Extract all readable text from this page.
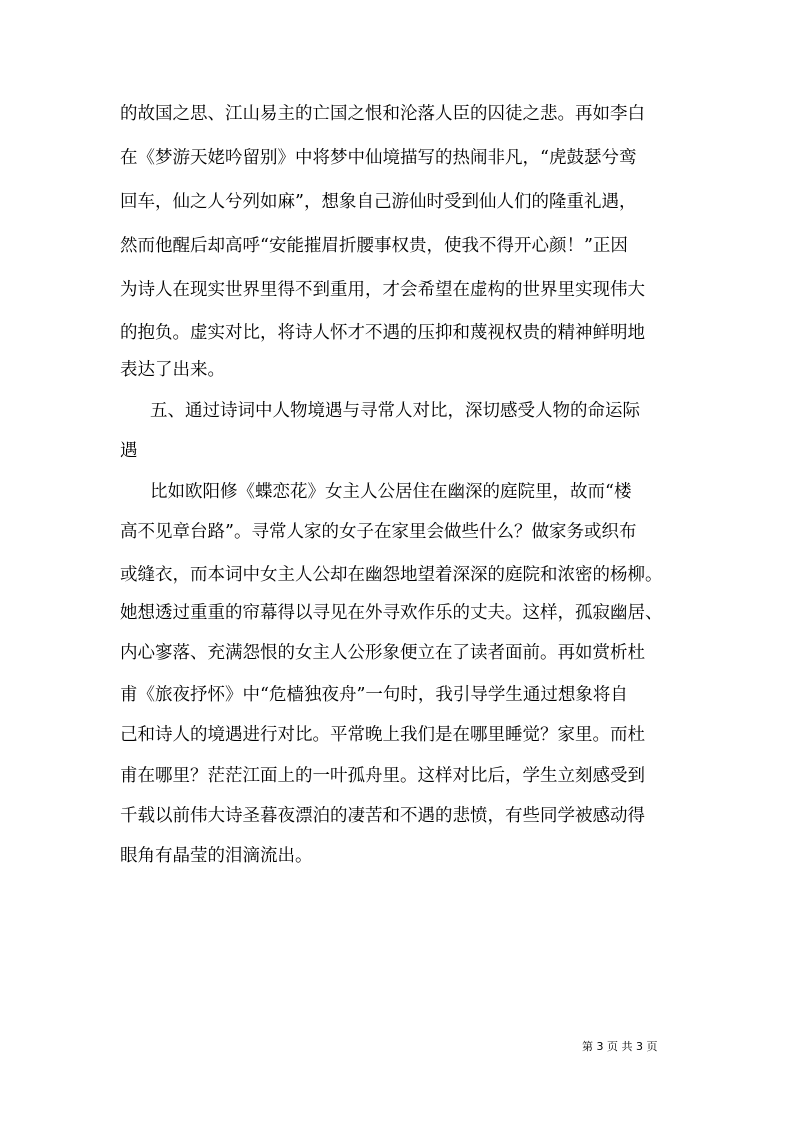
的故国之思、江山易主的亡国之恨和沦落人臣的囚徒之悲。再如李白
在《梦游天姥吟留别》中将梦中仙境描写的热闹非凡，“虎鼓瑟兮鸾
回车，仙之人兮列如麻”，想象自己游仙时受到仙人们的隆重礼遇，
然而他醒后却高呼“安能摧眉折腰事权贵，使我不得开心颜！”正因
为诗人在现实世界里得不到重用，才会希望在虚构的世界里实现伟大
的抱负。虚实对比，将诗人怀才不遇的压抑和蔑视权贵的精神鲜明地
表达了出来。
五、通过诗词中人物境遇与寻常人对比，深切感受人物的命运际
遇
比如欧阳修《蝶恋花》女主人公居住在幽深的庭院里，故而“楼
高不见章台路”。寻常人家的女子在家里会做些什么？做家务或织布
或缝衣，而本词中女主人公却在幽怨地望着深深的庭院和浓密的杨柳。
她想透过重重的帘幕得以寻见在外寻欢作乐的丈夫。这样，孤寂幽居、
内心寥落、充满怨恨的女主人公形象便立在了读者面前。再如赏析杜
甫《旅夜抒怀》中“危樯独夜舟”一句时，我引导学生通过想象将自
己和诗人的境遇进行对比。平常晚上我们是在哪里睡觉？家里。而杜
甫在哪里？茫茫江面上的一叶孤舟里。这样对比后，学生立刻感受到
千载以前伟大诗圣暮夜漂泊的凄苦和不遇的悲愤，有些同学被感动得
眼角有晶莹的泪滴流出。
第 3 页 共 3 页
